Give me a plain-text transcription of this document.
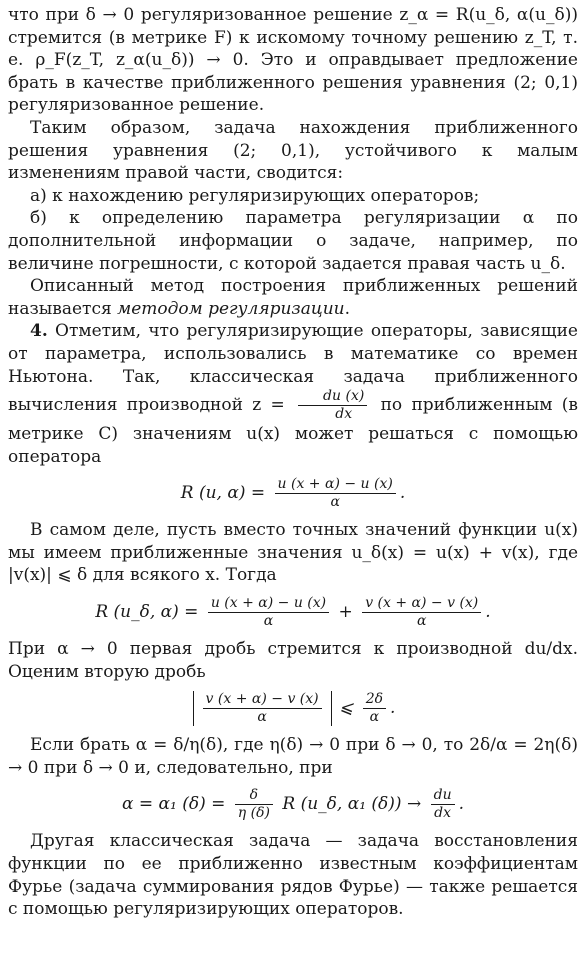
что при δ → 0 регуляризованное решение z_α = R(u_δ, α(u_δ)) стремится (в метрике F) к искомому точному решению z_T, т. е. ρ_F(z_T, z_α(u_δ)) → 0. Это и оправдывает предложение брать в качестве приближенного решения уравнения (2; 0,1) регуляризованное решение.

Таким образом, задача нахождения приближенного решения уравнения (2; 0,1), устойчивого к малым изменениям правой части, сводится:

а) к нахождению регуляризирующих операторов;

б) к определению параметра регуляризации α по дополнительной информации о задаче, например, по величине погрешности, с которой задается правая часть u_δ.

Описанный метод построения приближенных решений называется методом регуляризации.

4. Отметим, что регуляризирующие операторы, зависящие от параметра, использовались в математике со времен Ньютона. Так, классическая задача приближенного вычисления производной $z = \frac{du (x)}{dx}$ по приближенным (в метрике C) значениям u(x) может решаться с помощью оператора

R (u, $\alpha) = \frac{u (x + \alpha) - u (x)}{\alpha}$ .

В самом деле, пусть вместо точных значений функции u(x) мы имеем приближенные значения u_δ(x) = u(x) + v(x), где |v(x)| ⩽ δ для всякого x. Тогда

R (u_δ, $\alpha) = \frac{u (x + \alpha) - u (x)}{\alpha} + \frac{v (x + \alpha) - v (x)}{\alpha}$ .

При α → 0 первая дробь стремится к производной du/dx. Оценим вторую дробь

$\frac{v (x + \alpha) - v (x)}{\alpha}$ ⩽ $\frac{2\delta}{\alpha}$ .

Если брать α = δ/η(δ), где η(δ) → 0 при δ → 0, то 2δ/α = 2η(δ) → 0 при δ → 0 и, следовательно, при

α = α₁ $(\delta) = \frac{\delta}{\eta (\delta)}$ R (u_δ, α₁ $(\delta)) \to \frac{du}{dx}$ .

Другая классическая задача — задача восстановления функции по ее приближенно известным коэффициентам Фурье (задача суммирования рядов Фурье) — также решается с помощью регуляризирующих операторов.
